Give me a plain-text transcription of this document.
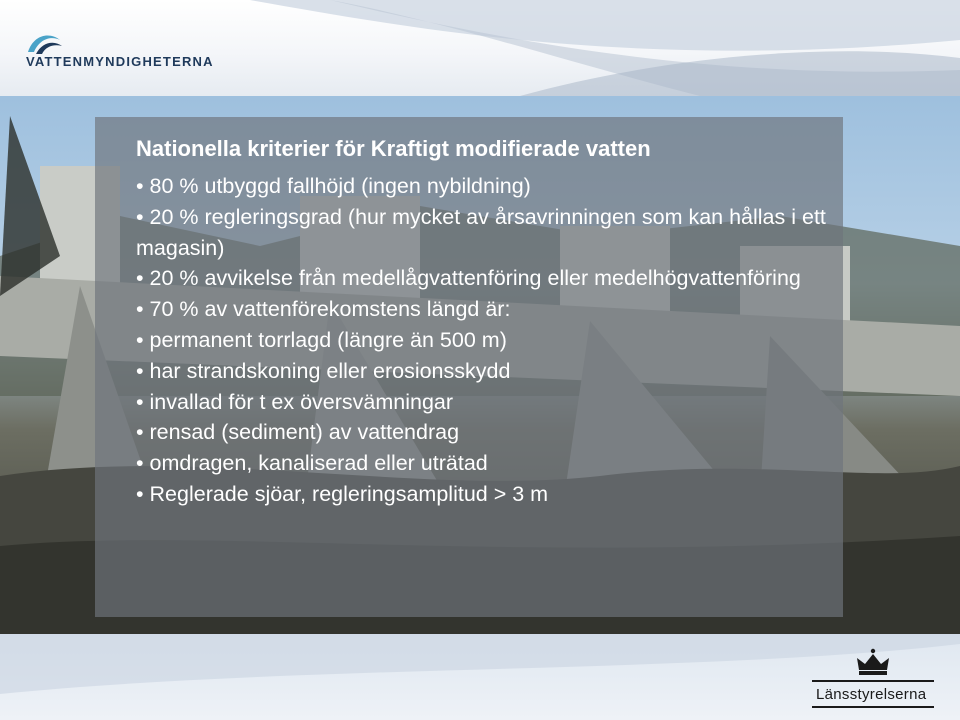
VATTENMYNDIGHETERNA
Nationella kriterier för Kraftigt modifierade vatten
• 80 % utbyggd fallhöjd (ingen nybildning)
• 20 % regleringsgrad (hur mycket av årsavrinningen som kan hållas i ett magasin)
• 20 % avvikelse från medellågvattenföring eller medelhögvattenföring
• 70 % av vattenförekomstens längd är:
• permanent torrlagd (längre än 500 m)
• har strandskoning eller erosionsskydd
• invallad för t ex översvämningar
• rensad (sediment) av vattendrag
• omdragen, kanaliserad eller uträtad
• Reglerade sjöar, regleringsamplitud > 3 m
Länsstyrelserna
